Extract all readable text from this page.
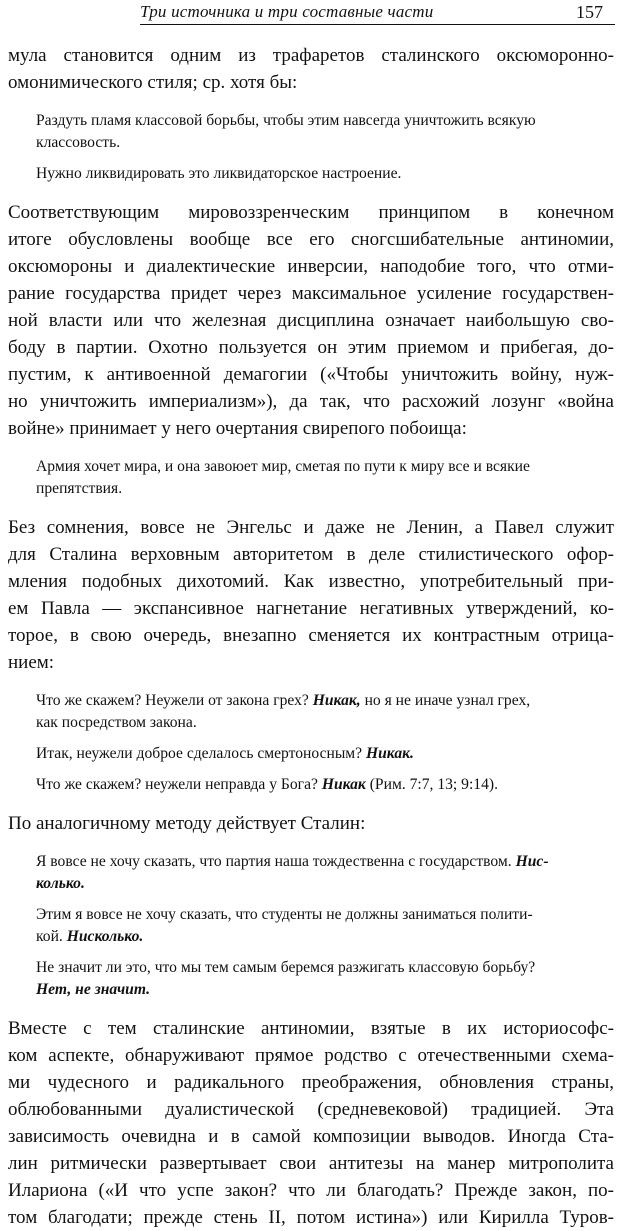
Три источника и три составные части	157
мула становится одним из трафаретов сталинского оксюморонно-
омонимического стиля; ср. хотя бы:
Раздуть пламя классовой борьбы, чтобы этим навсегда уничтожить всякую
классовость.
Нужно ликвидировать это ликвидаторское настроение.
Соответствующим мировоззренческим принципом в конечном
итоге обусловлены вообще все его сногсшибательные антиномии,
оксюмороны и диалектические инверсии, наподобие того, что отми-
рание государства придет через максимальное усиление государствен-
ной власти или что железная дисциплина означает наибольшую сво-
боду в партии. Охотно пользуется он этим приемом и прибегая, до-
пустим, к антивоенной демагогии («Чтобы уничтожить войну, нуж-
но уничтожить империализм»), да так, что расхожий лозунг «война
войне» принимает у него очертания свирепого побоища:
Армия хочет мира, и она завоюет мир, сметая по пути к миру все и всякие
препятствия.
Без сомнения, вовсе не Энгельс и даже не Ленин, а Павел служит
для Сталина верховным авторитетом в деле стилистического офор-
мления подобных дихотомий. Как известно, употребительный при-
ем Павла — экспансивное нагнетание негативных утверждений, ко-
торое, в свою очередь, внезапно сменяется их контрастным отрица-
нием:
Что же скажем? Неужели от закона грех? Никак, но я не иначе узнал грех,
как посредством закона.
Итак, неужели доброе сделалось смертоносным? Никак.
Что же скажем? неужели неправда у Бога? Никак (Рим. 7:7, 13; 9:14).
По аналогичному методу действует Сталин:
Я вовсе не хочу сказать, что партия наша тождественна с государством. Нис-
колько.
Этим я вовсе не хочу сказать, что студенты не должны заниматься полити-
кой. Нисколько.
Не значит ли это, что мы тем самым беремся разжигать классовую борьбу?
Нет, не значит.
Вместе с тем сталинские антиномии, взятые в их историософс-
ком аспекте, обнаруживают прямое родство с отечественными схема-
ми чудесного и радикального преображения, обновления страны,
облюбованными дуалистической (средневековой) традицией. Эта
зависимость очевидна и в самой композиции выводов. Иногда Ста-
лин ритмически развертывает свои антитезы на манер митрополита
Илариона («И что успе закон? что ли благодать? Прежде закон, по-
том благодати; прежде стень ІІ, потом истина») или Кирилла Туров-
